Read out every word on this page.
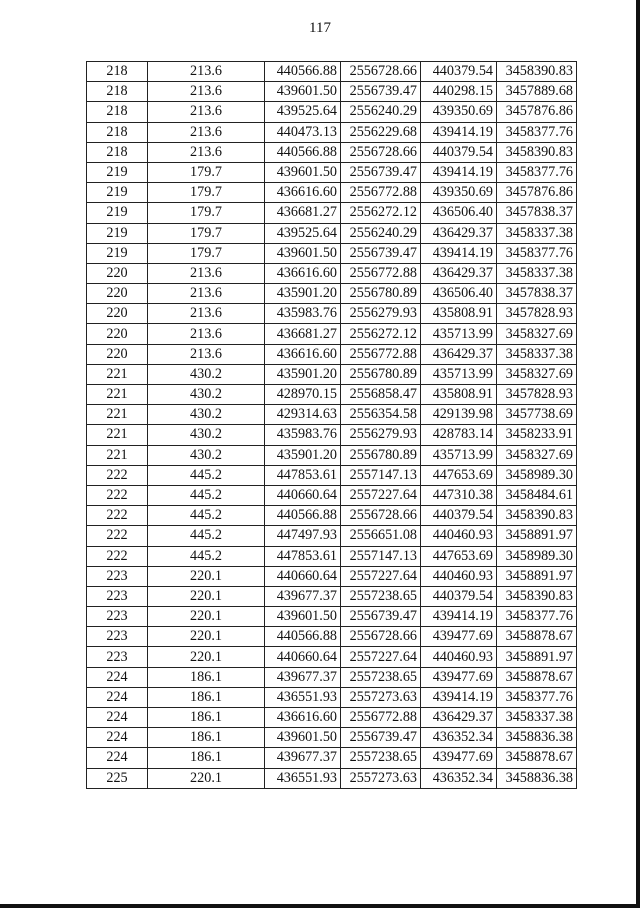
117
218	213.6	440566.88	2556728.66	440379.54	3458390.83
218	213.6	439601.50	2556739.47	440298.15	3457889.68
218	213.6	439525.64	2556240.29	439350.69	3457876.86
218	213.6	440473.13	2556229.68	439414.19	3458377.76
218	213.6	440566.88	2556728.66	440379.54	3458390.83
219	179.7	439601.50	2556739.47	439414.19	3458377.76
219	179.7	436616.60	2556772.88	439350.69	3457876.86
219	179.7	436681.27	2556272.12	436506.40	3457838.37
219	179.7	439525.64	2556240.29	436429.37	3458337.38
219	179.7	439601.50	2556739.47	439414.19	3458377.76
220	213.6	436616.60	2556772.88	436429.37	3458337.38
220	213.6	435901.20	2556780.89	436506.40	3457838.37
220	213.6	435983.76	2556279.93	435808.91	3457828.93
220	213.6	436681.27	2556272.12	435713.99	3458327.69
220	213.6	436616.60	2556772.88	436429.37	3458337.38
221	430.2	435901.20	2556780.89	435713.99	3458327.69
221	430.2	428970.15	2556858.47	435808.91	3457828.93
221	430.2	429314.63	2556354.58	429139.98	3457738.69
221	430.2	435983.76	2556279.93	428783.14	3458233.91
221	430.2	435901.20	2556780.89	435713.99	3458327.69
222	445.2	447853.61	2557147.13	447653.69	3458989.30
222	445.2	440660.64	2557227.64	447310.38	3458484.61
222	445.2	440566.88	2556728.66	440379.54	3458390.83
222	445.2	447497.93	2556651.08	440460.93	3458891.97
222	445.2	447853.61	2557147.13	447653.69	3458989.30
223	220.1	440660.64	2557227.64	440460.93	3458891.97
223	220.1	439677.37	2557238.65	440379.54	3458390.83
223	220.1	439601.50	2556739.47	439414.19	3458377.76
223	220.1	440566.88	2556728.66	439477.69	3458878.67
223	220.1	440660.64	2557227.64	440460.93	3458891.97
224	186.1	439677.37	2557238.65	439477.69	3458878.67
224	186.1	436551.93	2557273.63	439414.19	3458377.76
224	186.1	436616.60	2556772.88	436429.37	3458337.38
224	186.1	439601.50	2556739.47	436352.34	3458836.38
224	186.1	439677.37	2557238.65	439477.69	3458878.67
225	220.1	436551.93	2557273.63	436352.34	3458836.38
